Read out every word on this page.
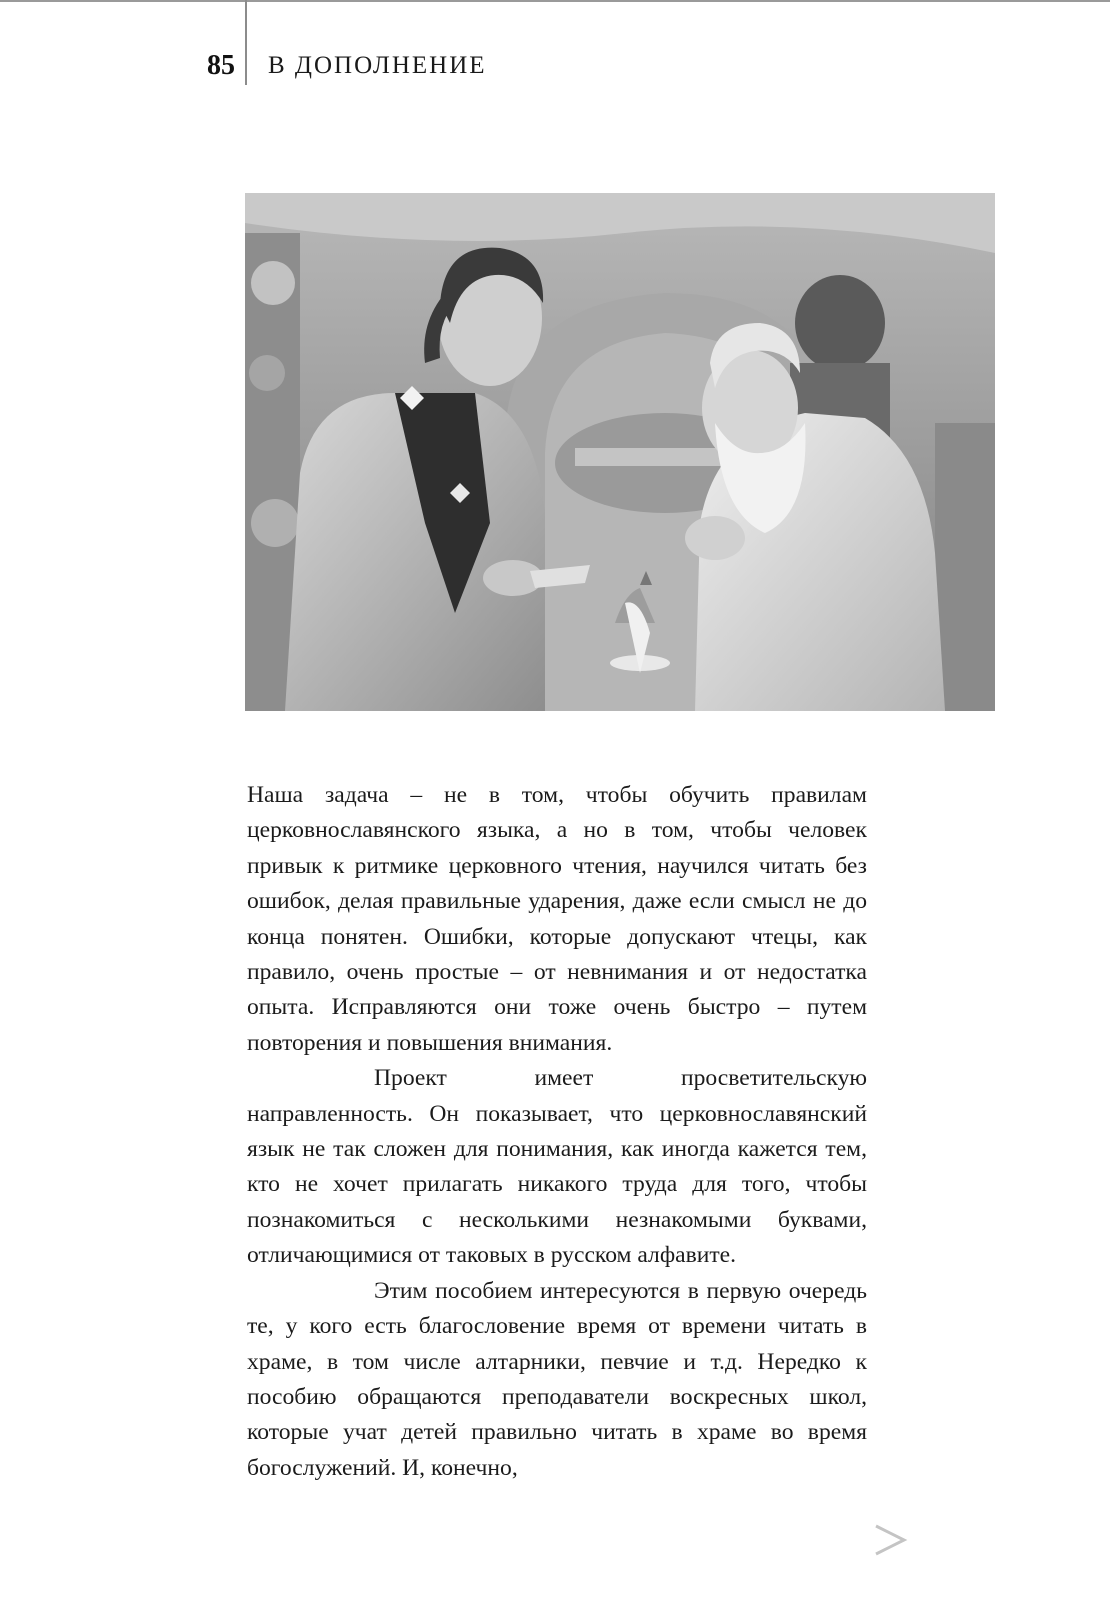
85 В ДОПОЛНЕНИЕ

Наша задача – не в том, чтобы обучить правилам церковнославянского языка, а но в том, чтобы человек привык к ритмике церковного чтения, научился читать без ошибок, делая правильные ударения, даже если смысл не до конца понятен. Ошибки, которые допускают чтецы, как правило, очень простые – от невнимания и от недостатка опыта. Исправляются они тоже очень быстро – путем повторения и повышения внимания.

Проект имеет просветительскую направленность. Он показывает, что церковнославянский язык не так сложен для понимания, как иногда кажется тем, кто не хочет прилагать никакого труда для того, чтобы познакомиться с несколькими незнакомыми буквами, отличающимися от таковых в русском алфавите.

Этим пособием интересуются в первую очередь те, у кого есть благословение время от времени читать в храме, в том числе алтарники, певчие и т.д. Нередко к пособию обращаются преподаватели воскресных школ, которые учат детей правильно читать в храме во время богослужений. И, конечно,
